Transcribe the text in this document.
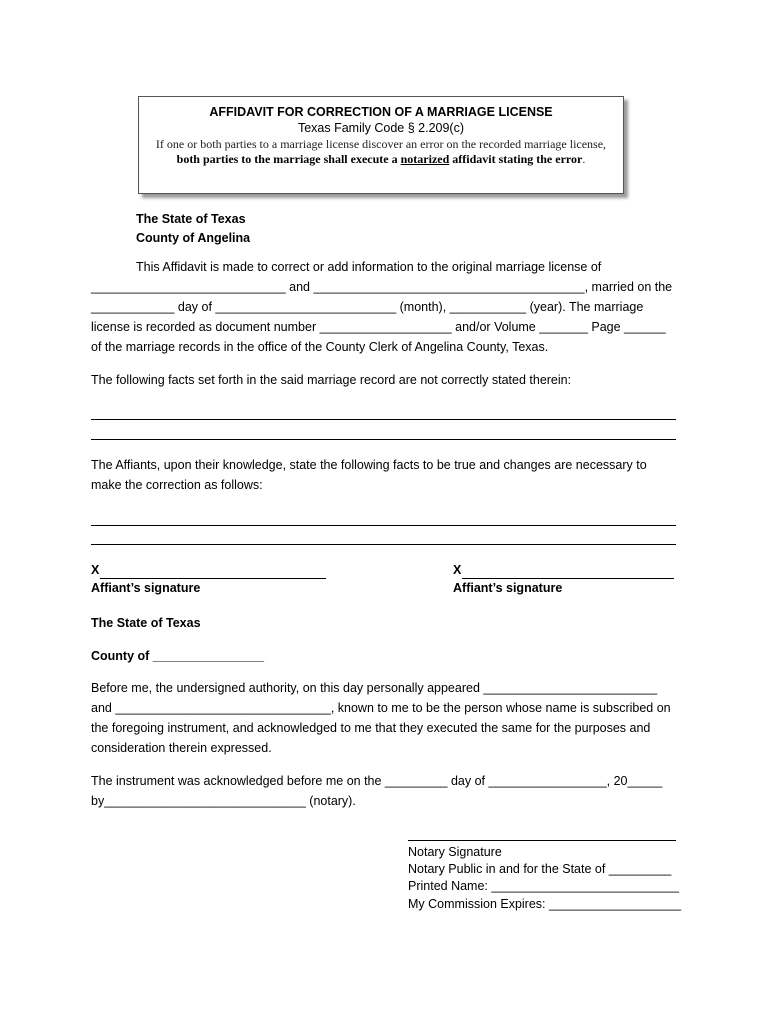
AFFIDAVIT FOR CORRECTION OF A MARRIAGE LICENSE
Texas Family Code § 2.209(c)
If one or both parties to a marriage license discover an error on the recorded marriage license, both parties to the marriage shall execute a notarized affidavit stating the error.
The State of Texas
County of Angelina
This Affidavit is made to correct or add information to the original marriage license of
____________________________ and _______________________________________, married on the
____________ day of __________________________ (month), ___________ (year). The marriage
license is recorded as document number ___________________ and/or Volume _______ Page ______
of the marriage records in the office of the County Clerk of Angelina County, Texas.
The following facts set forth in the said marriage record are not correctly stated therein:
The Affiants, upon their knowledge, state the following facts to be true and changes are necessary to
make the correction as follows:
X
Affiant’s signature
X
Affiant’s signature
The State of Texas
County of ________________
Before me, the undersigned authority, on this day personally appeared _________________________
and _______________________________, known to me to be the person whose name is subscribed on
the foregoing instrument, and acknowledged to me that they executed the same for the purposes and
consideration therein expressed.
The instrument was acknowledged before me on the _________ day of _________________, 20_____
by_____________________________ (notary).
Notary Signature
Notary Public in and for the State of _________
Printed Name: ___________________________
My Commission Expires: ___________________
